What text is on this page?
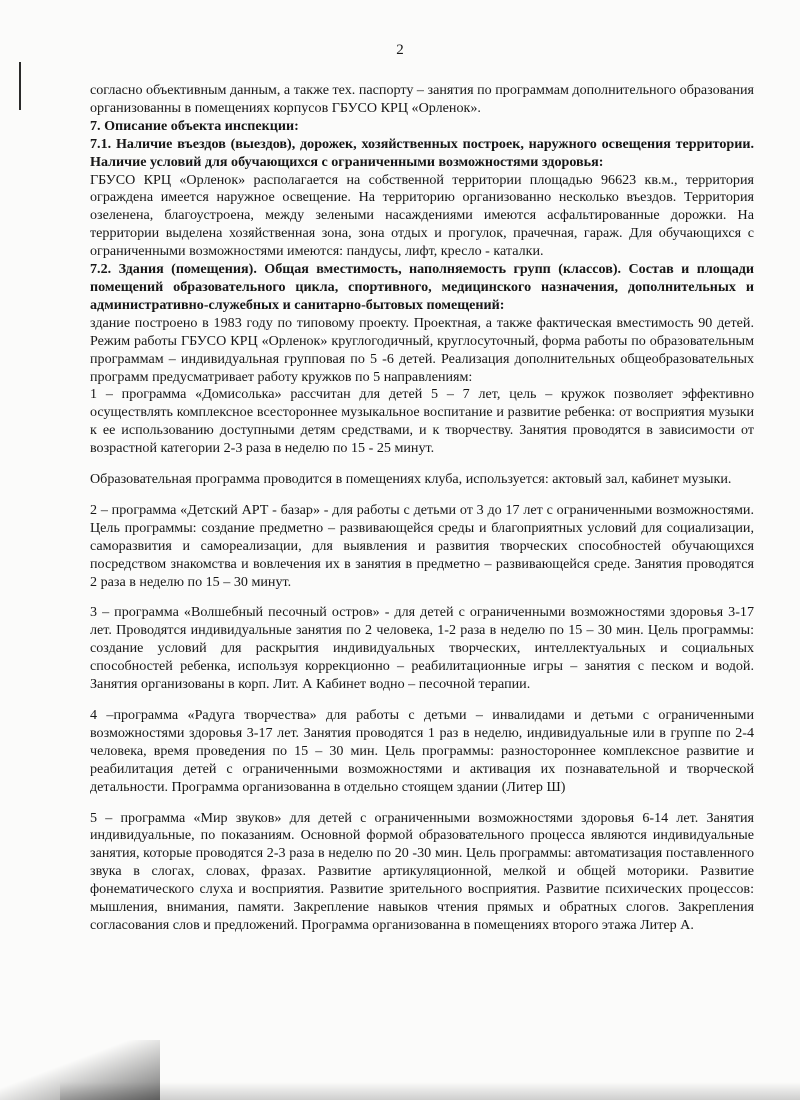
2

согласно объективным данным, а также тех. паспорту – занятия по программам дополнительного образования организованны в помещениях корпусов ГБУСО КРЦ «Орленок».

7. Описание объекта инспекции:

7.1. Наличие въездов (выездов), дорожек, хозяйственных построек, наружного освещения территории. Наличие условий для обучающихся с ограниченными возможностями здоровья:

ГБУСО КРЦ «Орленок» располагается на собственной территории площадью 96623 кв.м., территория ограждена имеется наружное освещение. На территорию организованно несколько въездов. Территория озеленена, благоустроена, между зелеными насаждениями имеются асфальтированные дорожки. На территории выделена хозяйственная зона, зона отдых и прогулок, прачечная, гараж. Для обучающихся с ограниченными возможностями имеются: пандусы, лифт, кресло - каталки.

7.2. Здания (помещения). Общая вместимость, наполняемость групп (классов). Состав и площади помещений образовательного цикла, спортивного, медицинского назначения, дополнительных и административно-служебных и санитарно-бытовых помещений:

здание построено в 1983 году по типовому проекту. Проектная, а также фактическая вместимость 90 детей. Режим работы ГБУСО КРЦ «Орленок» круглогодичный, круглосуточный, форма работы по образовательным программам – индивидуальная групповая по 5 -6 детей. Реализация дополнительных общеобразовательных программ предусматривает работу кружков по 5 направлениям:

1 – программа «Домисолька» рассчитан для детей 5 – 7 лет, цель – кружок позволяет эффективно осуществлять комплексное всестороннее музыкальное воспитание и развитие ребенка: от восприятия музыки к ее использованию доступными детям средствами, и к творчеству. Занятия проводятся в зависимости от возрастной категории 2-3 раза в неделю по 15 - 25 минут.

Образовательная программа проводится в помещениях клуба, используется: актовый зал, кабинет музыки.

2 – программа «Детский АРТ - базар» - для работы с детьми от 3 до 17 лет с ограниченными возможностями. Цель программы: создание предметно – развивающейся среды и благоприятных условий для социализации, саморазвития и самореализации, для выявления и развития творческих способностей обучающихся посредством знакомства и вовлечения их в занятия в предметно – развивающейся среде. Занятия проводятся 2 раза в неделю по 15 – 30 минут.

3 – программа «Волшебный песочный остров» - для детей с ограниченными возможностями здоровья 3-17 лет. Проводятся индивидуальные занятия по 2 человека, 1-2 раза в неделю по 15 – 30 мин. Цель программы: создание условий для раскрытия индивидуальных творческих, интеллектуальных и социальных способностей ребенка, используя коррекционно – реабилитационные игры – занятия с песком и водой. Занятия организованы в корп. Лит. А Кабинет водно – песочной терапии.

4 –программа «Радуга творчества» для работы с детьми – инвалидами и детьми с ограниченными возможностями здоровья 3-17 лет. Занятия проводятся 1 раз в неделю, индивидуальные или в группе по 2-4 человека, время проведения по 15 – 30 мин. Цель программы: разностороннее комплексное развитие и реабилитация детей с ограниченными возможностями и активация их познавательной и творческой детальности. Программа организованна в отдельно стоящем здании (Литер Ш)

5 – программа «Мир звуков» для детей с ограниченными возможностями здоровья 6-14 лет. Занятия индивидуальные, по показаниям. Основной формой образовательного процесса являются индивидуальные занятия, которые проводятся 2-3 раза в неделю по 20 -30 мин. Цель программы: автоматизация поставленного звука в слогах, словах, фразах. Развитие артикуляционной, мелкой и общей моторики. Развитие фонематического слуха и восприятия. Развитие зрительного восприятия. Развитие психических процессов: мышления, внимания, памяти. Закрепление навыков чтения прямых и обратных слогов. Закрепления согласования слов и предложений. Программа организованна в помещениях второго этажа Литер А.
